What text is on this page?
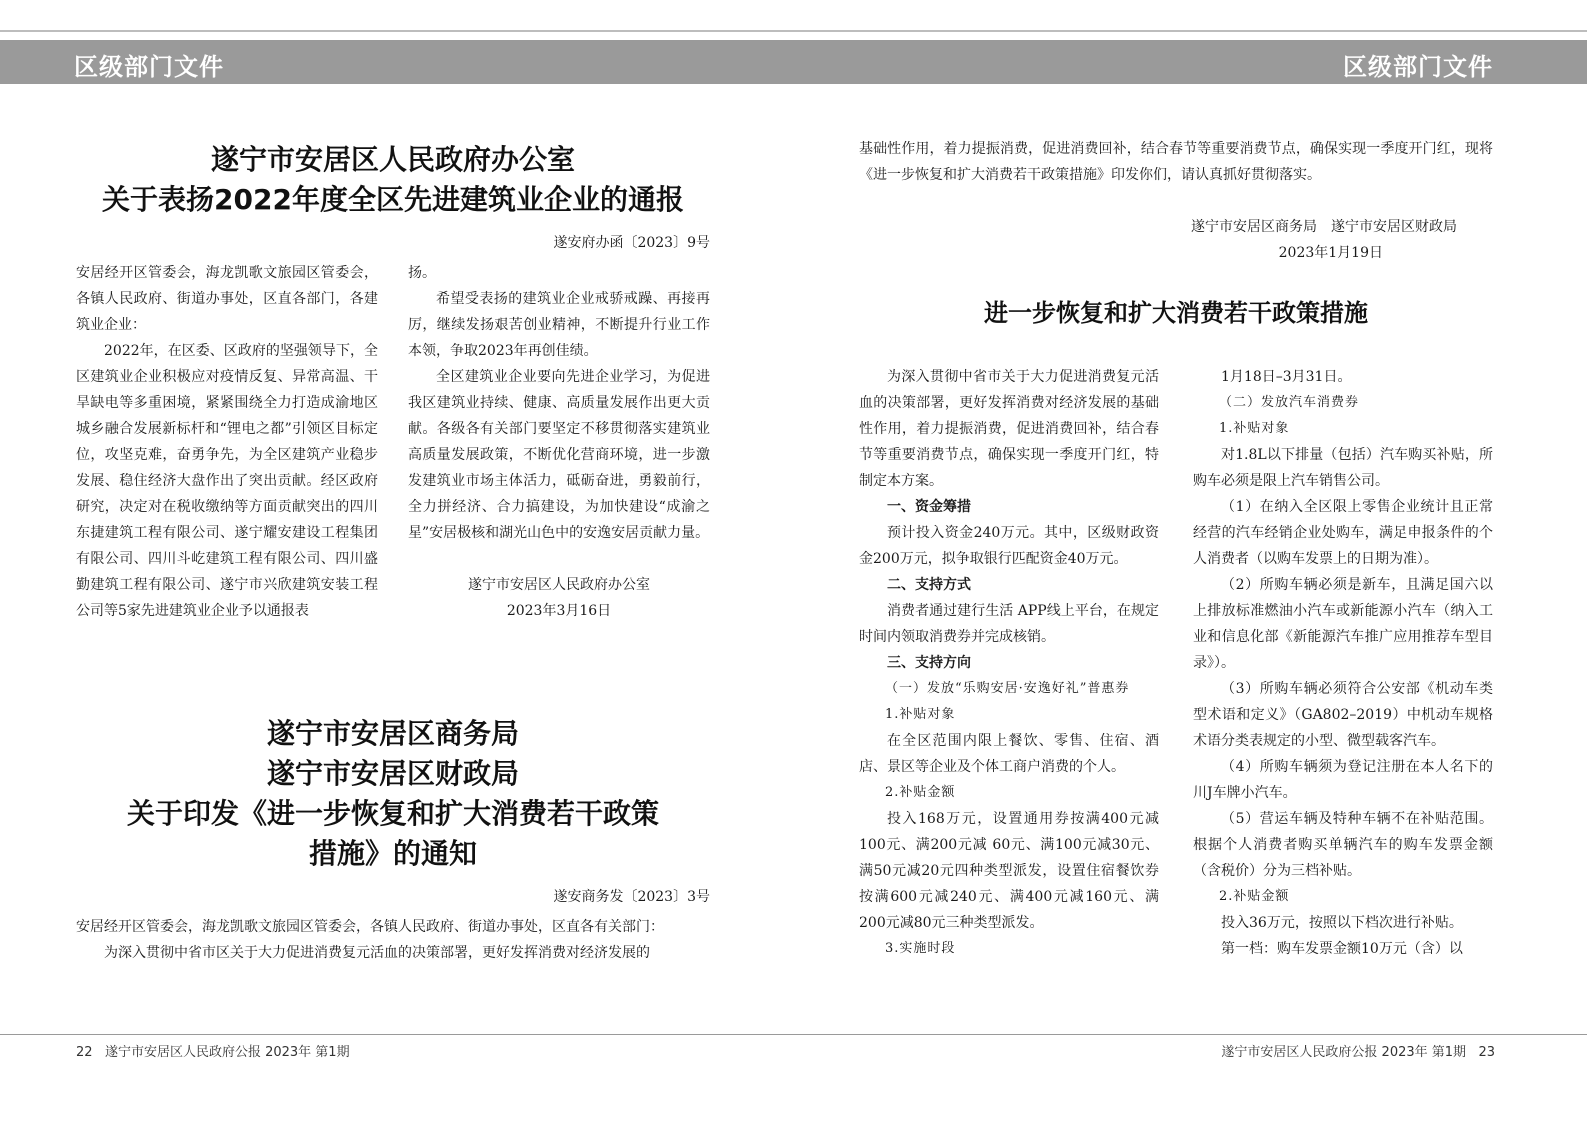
区级部门文件	区级部门文件
遂宁市安居区人民政府办公室
关于表扬2022年度全区先进建筑业企业的通报
遂安府办函〔2023〕9号

安居经开区管委会，海龙凯歌文旅园区管委会，各镇人民政府、街道办事处，区直各部门，各建筑业企业：

2022年，在区委、区政府的坚强领导下，全区建筑业企业积极应对疫情反复、异常高温、干旱缺电等多重困境，紧紧围绕全力打造成渝地区城乡融合发展新标杆和“锂电之都”引领区目标定位，攻坚克难，奋勇争先，为全区建筑产业稳步发展、稳住经济大盘作出了突出贡献。经区政府研究，决定对在税收缴纳等方面贡献突出的四川东捷建筑工程有限公司、遂宁耀安建设工程集团有限公司、四川斗屹建筑工程有限公司、四川盛勤建筑工程有限公司、遂宁市兴欣建筑安装工程公司等5家先进建筑业企业予以通报表

扬。

希望受表扬的建筑业企业戒骄戒躁、再接再厉，继续发扬艰苦创业精神，不断提升行业工作本领，争取2023年再创佳绩。

全区建筑业企业要向先进企业学习，为促进我区建筑业持续、健康、高质量发展作出更大贡献。各级各有关部门要坚定不移贯彻落实建筑业高质量发展政策，不断优化营商环境，进一步激发建筑业市场主体活力，砥砺奋进，勇毅前行，全力拼经济、合力搞建设，为加快建设“成渝之星”安居极核和湖光山色中的安逸安居贡献力量。

遂宁市安居区人民政府办公室
2023年3月16日
遂宁市安居区商务局
遂宁市安居区财政局
关于印发《进一步恢复和扩大消费若干政策
措施》的通知
遂安商务发〔2023〕3号

安居经开区管委会，海龙凯歌文旅园区管委会，各镇人民政府、街道办事处，区直各有关部门：

为深入贯彻中省市区关于大力促进消费复元活血的决策部署，更好发挥消费对经济发展的

基础性作用，着力提振消费，促进消费回补，结合春节等重要消费节点，确保实现一季度开门红，现将《进一步恢复和扩大消费若干政策措施》印发你们，请认真抓好贯彻落实。

遂宁市安居区商务局　遂宁市安居区财政局
2023年1月19日
进一步恢复和扩大消费若干政策措施

为深入贯彻中省市关于大力促进消费复元活血的决策部署，更好发挥消费对经济发展的基础性作用，着力提振消费，促进消费回补，结合春节等重要消费节点，确保实现一季度开门红，特制定本方案。

一、资金筹措

预计投入资金240万元。其中，区级财政资金200万元，拟争取银行匹配资金40万元。

二、支持方式

消费者通过建行生活 APP线上平台，在规定时间内领取消费券并完成核销。

三、支持方向

（一）发放“乐购安居·安逸好礼”普惠券

1.补贴对象

在全区范围内限上餐饮、零售、住宿、酒店、景区等企业及个体工商户消费的个人。

2.补贴金额

投入168万元，设置通用券按满400元减100元、满200元减 60元、满100元减30元、满50元减20元四种类型派发，设置住宿餐饮券按满600元减240元、满400元减160元、满200元减80元三种类型派发。

3.实施时段

1月18日–3月31日。

（二）发放汽车消费券

1.补贴对象

对1.8L以下排量（包括）汽车购买补贴，所购车必须是限上汽车销售公司。

（1）在纳入全区限上零售企业统计且正常经营的汽车经销企业处购车，满足申报条件的个人消费者（以购车发票上的日期为准）。

（2）所购车辆必须是新车，且满足国六以上排放标准燃油小汽车或新能源小汽车（纳入工业和信息化部《新能源汽车推广应用推荐车型目录》）。

（3）所购车辆必须符合公安部《机动车类型术语和定义》（GA802–2019）中机动车规格术语分类表规定的小型、微型载客汽车。

（4）所购车辆须为登记注册在本人名下的川J车牌小汽车。

（5）营运车辆及特种车辆不在补贴范围。根据个人消费者购买单辆汽车的购车发票金额（含税价）分为三档补贴。

2.补贴金额

投入36万元，按照以下档次进行补贴。

第一档：购车发票金额10万元（含）以

22 遂宁市安居区人民政府公报 2023年 第1期	遂宁市安居区人民政府公报 2023年 第1期 23
